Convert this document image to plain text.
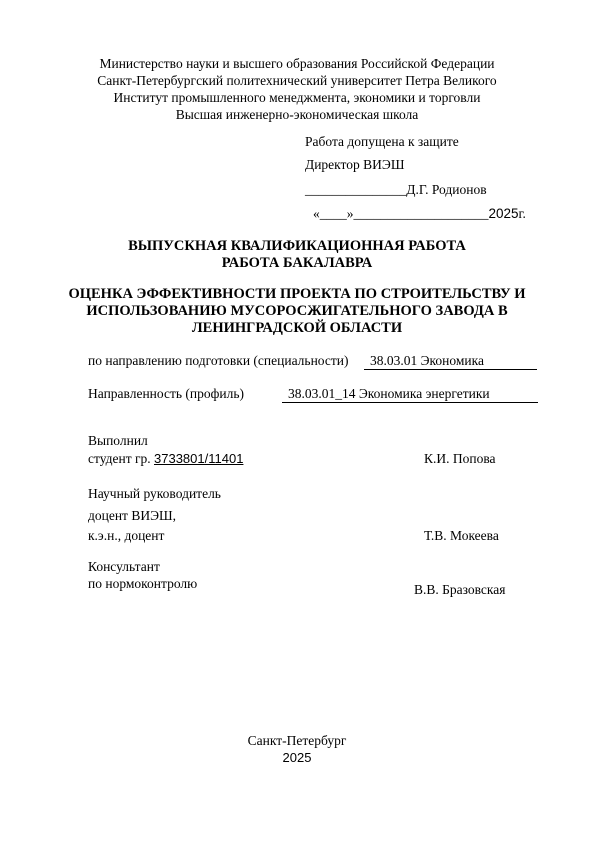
Министерство науки и высшего образования Российской Федерации
Санкт-Петербургский политехнический университет Петра Великого
Институт промышленного менеджмента, экономики и торговли
Высшая инженерно-экономическая школа
Работа допущена к защите
Директор ВИЭШ
_______________Д.Г. Родионов
«____»____________________2025г.
ВЫПУСКНАЯ КВАЛИФИКАЦИОННАЯ РАБОТА
РАБОТА БАКАЛАВРА
ОЦЕНКА ЭФФЕКТИВНОСТИ ПРОЕКТА ПО СТРОИТЕЛЬСТВУ И
ИСПОЛЬЗОВАНИЮ МУСОРОСЖИГАТЕЛЬНОГО ЗАВОДА В
ЛЕНИНГРАДСКОЙ ОБЛАСТИ
по направлению подготовки (специальности)	38.03.01 Экономика
Направленность (профиль)	38.03.01_14 Экономика энергетики
Выполнил
студент гр. 3733801/11401	К.И. Попова
Научный руководитель
доцент ВИЭШ,
к.э.н., доцент	Т.В. Мокеева
Консультант
по нормоконтролю	В.В. Бразовская
Санкт-Петербург
2025
